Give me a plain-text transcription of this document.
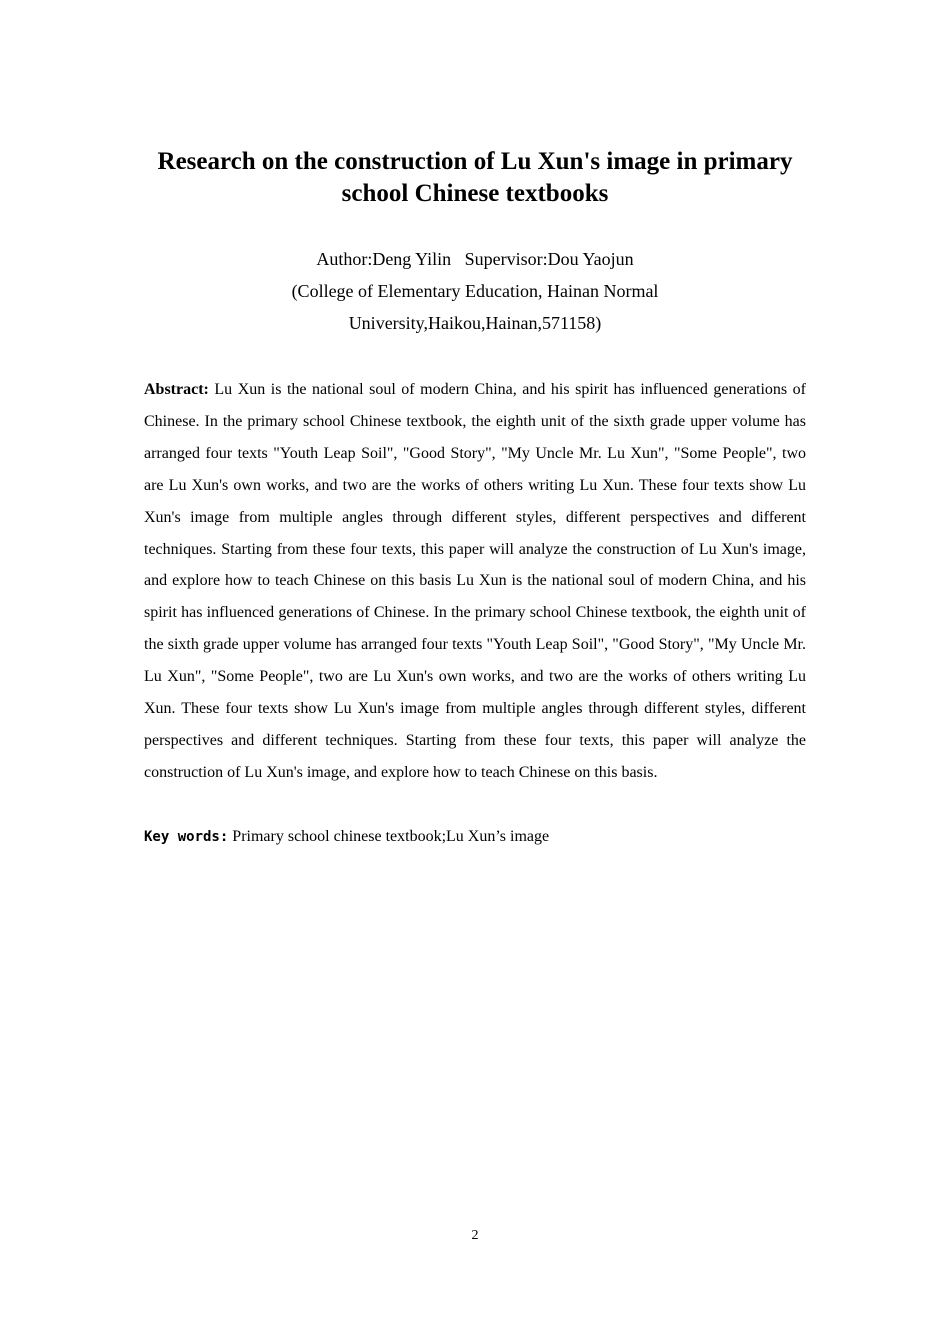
Research on the construction of Lu Xun's image in primary school Chinese textbooks
Author:Deng Yilin   Supervisor:Dou Yaojun
(College of Elementary Education, Hainan Normal University,Haikou,Hainan,571158)

Abstract: Lu Xun is the national soul of modern China, and his spirit has influenced generations of Chinese. In the primary school Chinese textbook, the eighth unit of the sixth grade upper volume has arranged four texts "Youth Leap Soil", "Good Story", "My Uncle Mr. Lu Xun", "Some People", two are Lu Xun's own works, and two are the works of others writing Lu Xun. These four texts show Lu Xun's image from multiple angles through different styles, different perspectives and different techniques. Starting from these four texts, this paper will analyze the construction of Lu Xun's image, and explore how to teach Chinese on this basis Lu Xun is the national soul of modern China, and his spirit has influenced generations of Chinese. In the primary school Chinese textbook, the eighth unit of the sixth grade upper volume has arranged four texts "Youth Leap Soil", "Good Story", "My Uncle Mr. Lu Xun", "Some People", two are Lu Xun's own works, and two are the works of others writing Lu Xun. These four texts show Lu Xun's image from multiple angles through different styles, different perspectives and different techniques. Starting from these four texts, this paper will analyze the construction of Lu Xun's image, and explore how to teach Chinese on this basis.

Key words: Primary school chinese textbook;Lu Xun’s image
2
